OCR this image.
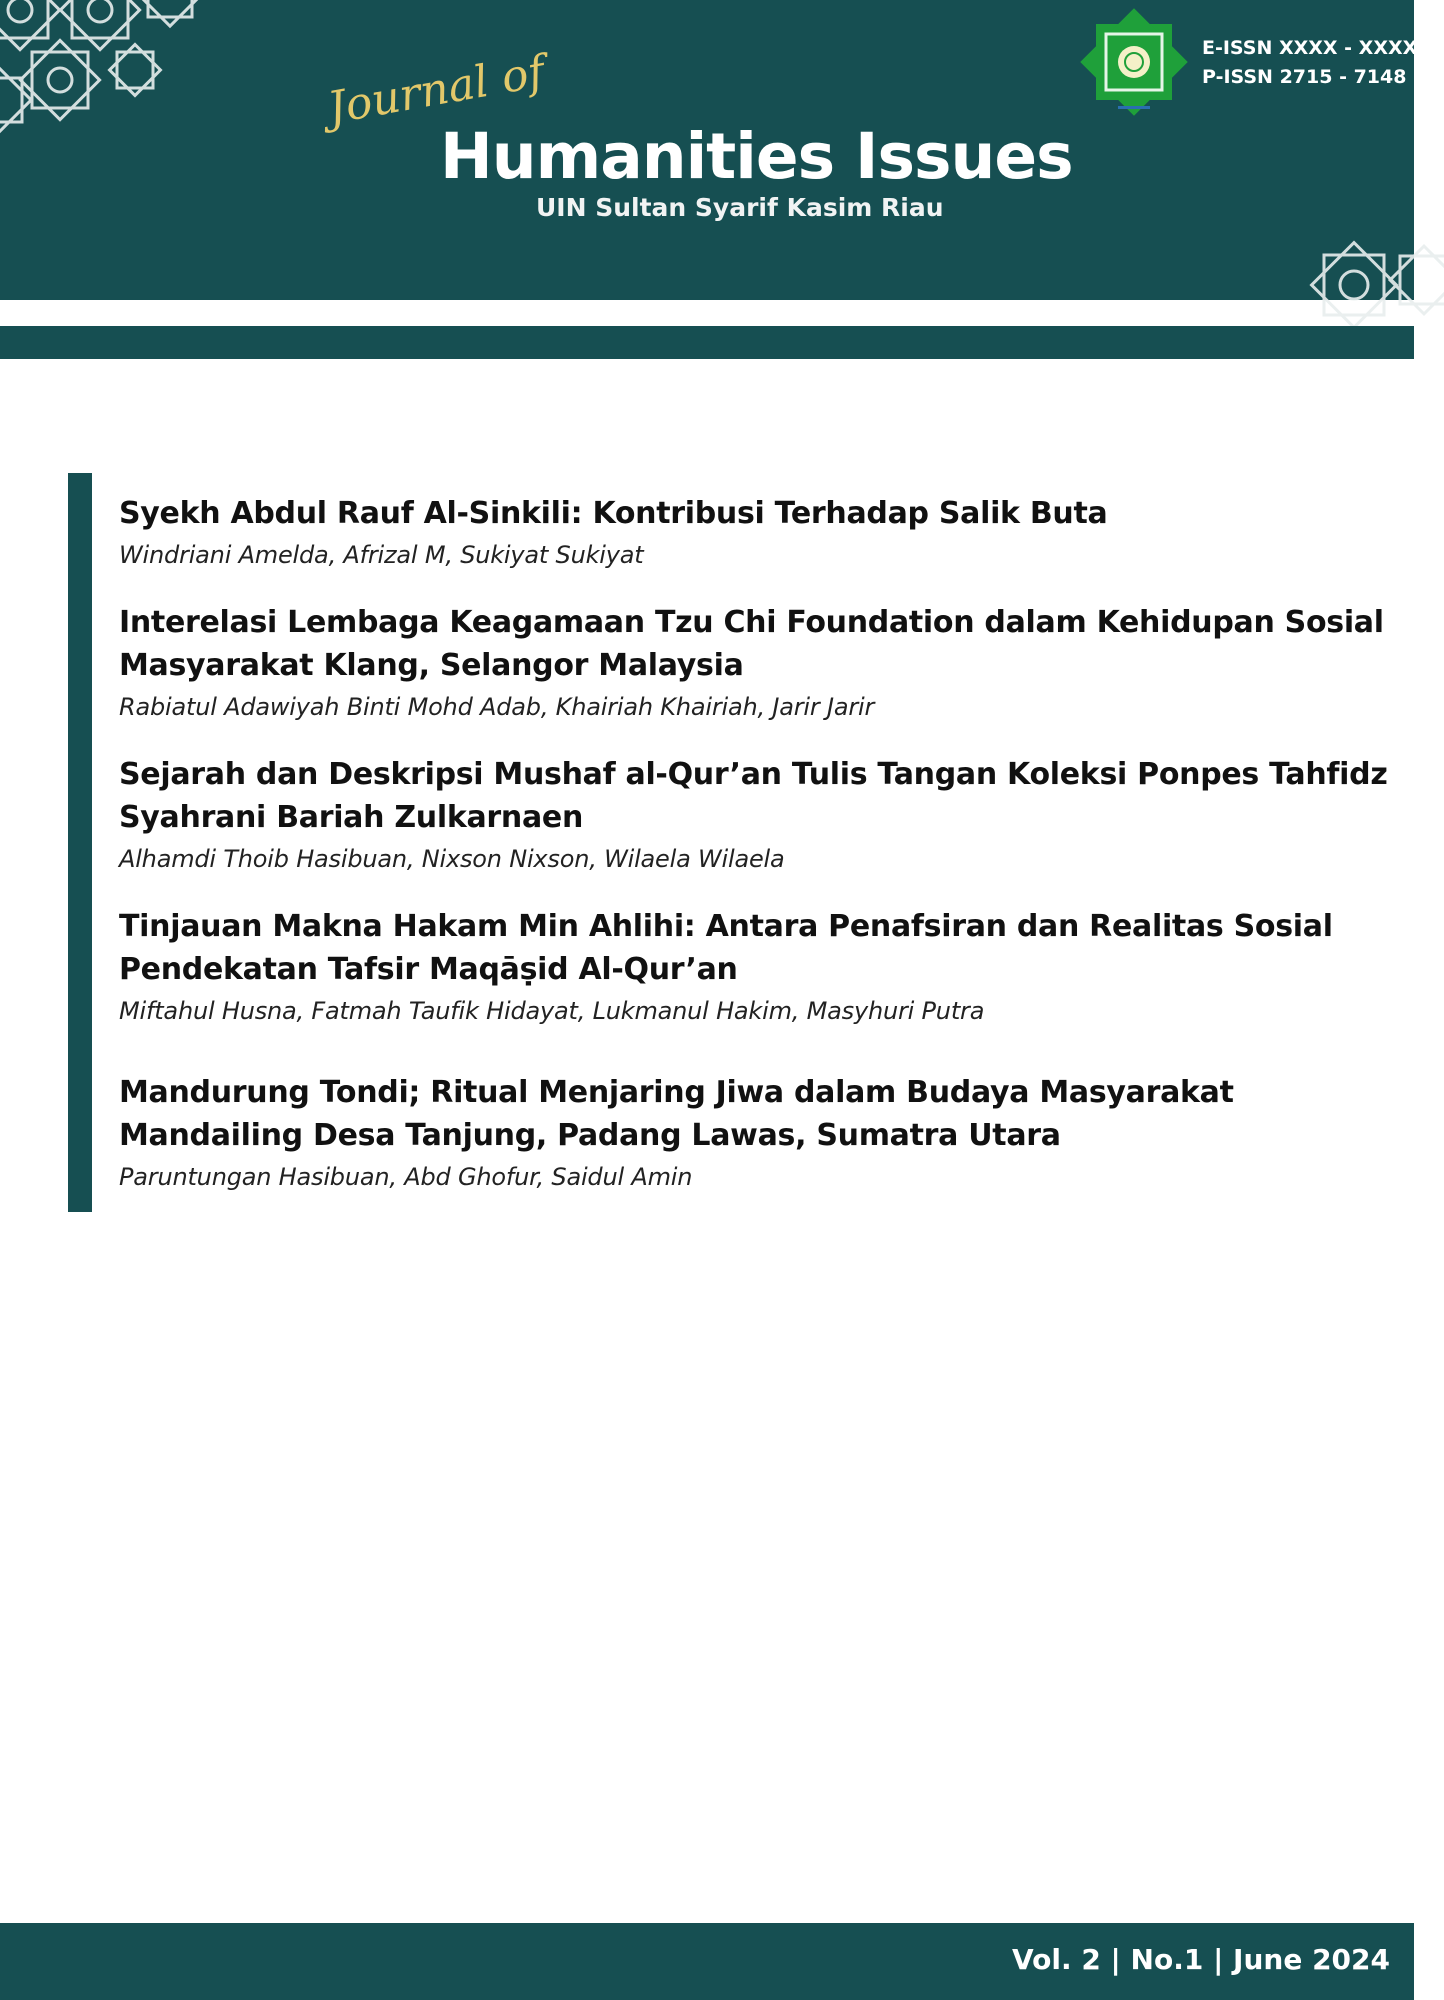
Journal of
Humanities Issues
UIN Sultan Syarif Kasim Riau
E-ISSN XXXX - XXXX
P-ISSN 2715 - 7148
Syekh Abdul Rauf Al-Sinkili: Kontribusi Terhadap Salik Buta
Windriani Amelda, Afrizal M, Sukiyat Sukiyat
Interelasi Lembaga Keagamaan Tzu Chi Foundation dalam Kehidupan Sosial Masyarakat Klang, Selangor Malaysia
Rabiatul Adawiyah Binti Mohd Adab, Khairiah Khairiah, Jarir Jarir
Sejarah dan Deskripsi Mushaf al-Qur’an Tulis Tangan Koleksi Ponpes Tahfidz Syahrani Bariah Zulkarnaen
Alhamdi Thoib Hasibuan, Nixson Nixson, Wilaela Wilaela
Tinjauan Makna Hakam Min Ahlihi: Antara Penafsiran dan Realitas Sosial Pendekatan Tafsir Maqāṣid Al-Qur’an
Miftahul Husna, Fatmah Taufik Hidayat, Lukmanul Hakim, Masyhuri Putra
Mandurung Tondi; Ritual Menjaring Jiwa dalam Budaya Masyarakat Mandailing Desa Tanjung, Padang Lawas, Sumatra Utara
Paruntungan Hasibuan, Abd Ghofur, Saidul Amin
Vol. 2 | No.1 | June 2024
